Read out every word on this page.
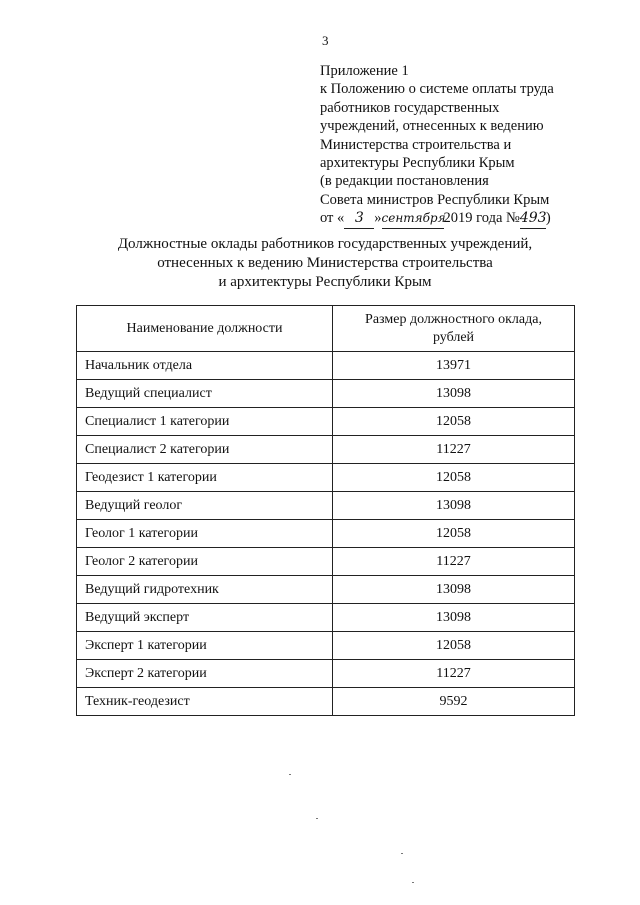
3
Приложение 1
к Положению о системе оплаты труда
работников государственных
учреждений, отнесенных к ведению
Министерства строительства и
архитектуры Республики Крым
(в редакции постановления
Совета министров Республики Крым
от « 3 »сентября2019 года №493)
Должностные оклады работников государственных учреждений,
отнесенных к ведению Министерства строительства
и архитектуры Республики Крым
Наименование должности	Размер должностного оклада,
рублей

Начальник отдела	13971
Ведущий специалист	13098
Специалист 1 категории	12058
Специалист 2 категории	11227
Геодезист 1 категории	12058
Ведущий геолог	13098
Геолог 1 категории	12058
Геолог 2 категории	11227
Ведущий гидротехник	13098
Ведущий эксперт	13098
Эксперт 1 категории	12058
Эксперт 2 категории	11227
Техник-геодезист	9592
